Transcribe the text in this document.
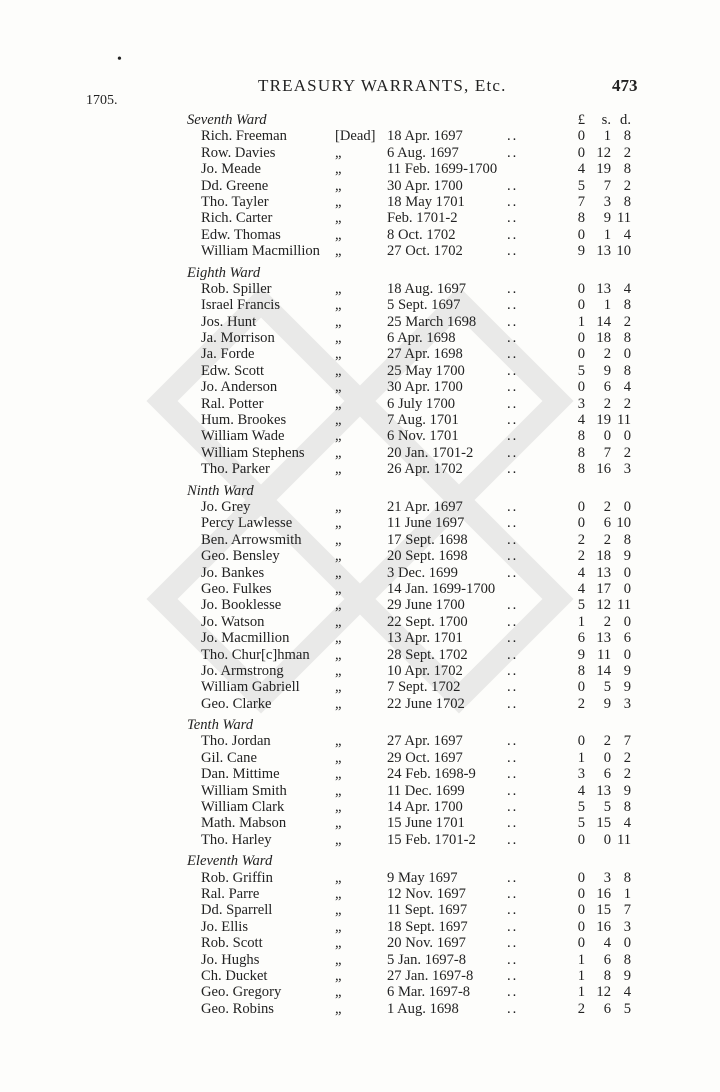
•
TREASURY WARRANTS, Etc.	473
1705.
£	s. d.
Seventh Ward
Rich. Freeman	[Dead] 18 Apr. 1697	..	0	1 8
Row. Davies	„	6 Aug. 1697	..	0 12 2
Jo. Meade	„	11 Feb. 1699-1700	4 19 8
Dd. Greene	„	30 Apr. 1700	..	5	7 2
Tho. Tayler	„	18 May 1701	..	7	3 8
Rich. Carter	„	Feb. 1701-2	..	8	9 11
Edw. Thomas	„	8 Oct. 1702	..	0	1 4
William Macmillion „	27 Oct. 1702	..	9 13 10
Eighth Ward
Rob. Spiller	„	18 Aug. 1697	..	0 13 4
Israel Francis	„	5 Sept. 1697	..	0	1 8
Jos. Hunt	„	25 March 1698 ..	1 14 2
Ja. Morrison	„	6 Apr. 1698	..	0 18 8
Ja. Forde	„	27 Apr. 1698	..	0	2 0
Edw. Scott	„	25 May 1700	..	5	9 8
Jo. Anderson	„	30 Apr. 1700	..	0	6 4
Ral. Potter	„	6 July 1700	..	3	2 2
Hum. Brookes	„	7 Aug. 1701	..	4 19 11
William Wade	„	6 Nov. 1701	..	8	0 0
William Stephens „	20 Jan. 1701-2 ..	8	7 2
Tho. Parker	„	26 Apr. 1702	..	8 16 3
Ninth Ward
Jo. Grey	„	21 Apr. 1697	..	0	2 0
Percy Lawlesse	„	11 June 1697	..	0	6 10
Ben. Arrowsmith „	17 Sept. 1698	..	2	2 8
Geo. Bensley	„	20 Sept. 1698	..	2 18 9
Jo. Bankes	„	3 Dec. 1699	..	4 13 0
Geo. Fulkes	„	14 Jan. 1699-1700	4 17 0
Jo. Booklesse	„	29 June 1700	..	5 12 11
Jo. Watson	„	22 Sept. 1700	..	1	2 0
Jo. Macmillion	„	13 Apr. 1701	..	6 13 6
Tho. Chur[c]hman „	28 Sept. 1702	..	9 11 0
Jo. Armstrong	„	10 Apr. 1702	..	8 14 9
William Gabriell „	7 Sept. 1702	..	0	5 9
Geo. Clarke	„	22 June 1702	..	2	9 3
Tenth Ward
Tho. Jordan	„	27 Apr. 1697	..	0	2 7
Gil. Cane	„	29 Oct. 1697	..	1	0 2
Dan. Mittime	„	24 Feb. 1698-9 ..	3	6 2
William Smith	„	11 Dec. 1699	..	4 13 9
William Clark	„	14 Apr. 1700	..	5	5 8
Math. Mabson	„	15 June 1701	..	5 15 4
Tho. Harley	„	15 Feb. 1701-2 ..	0	0 11
Eleventh Ward
Rob. Griffin	„	9 May 1697	..	0	3 8
Ral. Parre	„	12 Nov. 1697	..	0 16 1
Dd. Sparrell	„	11 Sept. 1697	..	0 15 7
Jo. Ellis	„	18 Sept. 1697	..	0 16 3
Rob. Scott	„	20 Nov. 1697	..	0	4 0
Jo. Hughs	„	5 Jan. 1697-8	..	1	6 8
Ch. Ducket	„	27 Jan. 1697-8 ..	1	8 9
Geo. Gregory	„	6 Mar. 1697-8	..	1 12 4
Geo. Robins	„	1 Aug. 1698	..	2	6 5
